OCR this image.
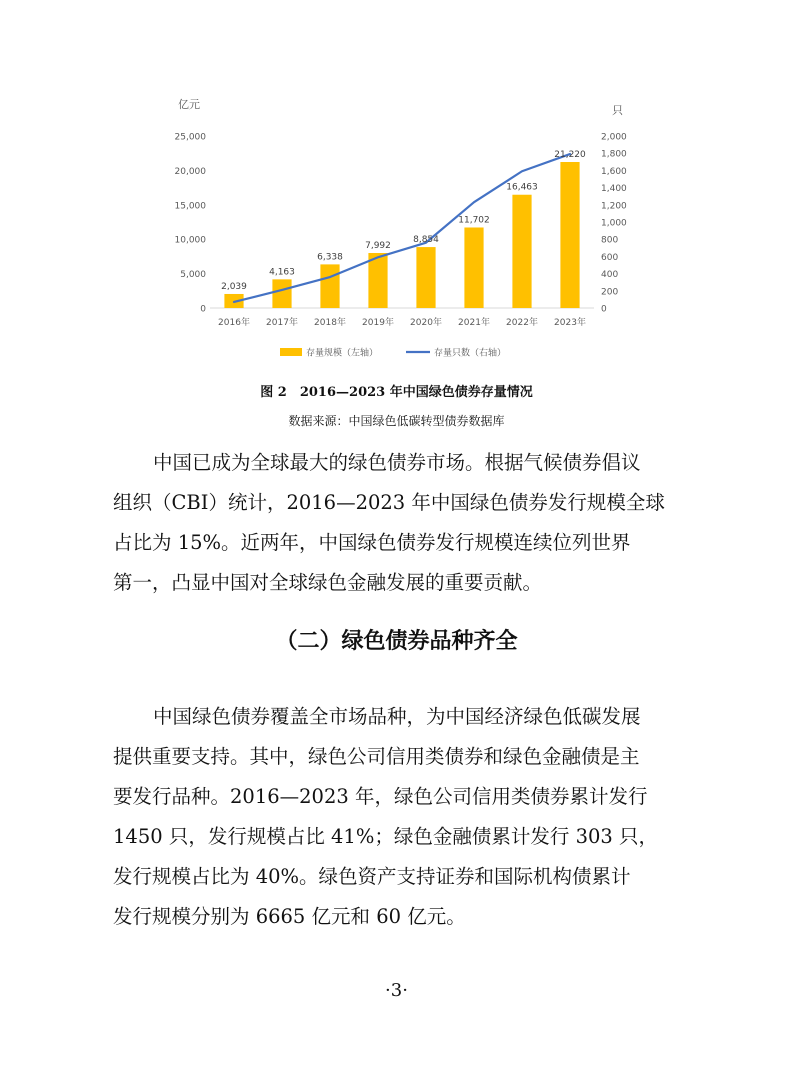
亿元	只
0
5,000
10,000
15,000
20,000
25,000
0
200
400
600
800
1,000
1,200
1,400
1,600
1,800
2,000
2,039
4,163
6,338
7,992
8,854
11,702
16,463
21,220
2016年 2017年 2018年 2019年 2020年 2021年 2022年 2023年
存量规模（左轴）	存量只数（右轴）
图 2　2016—2023 年中国绿色债券存量情况
数据来源：中国绿色低碳转型债券数据库

中国已成为全球最大的绿色债券市场。根据气候债券倡议
组织（CBI）统计，2016—2023 年中国绿色债券发行规模全球
占比为 15%。近两年，中国绿色债券发行规模连续位列世界
第一，凸显中国对全球绿色金融发展的重要贡献。

（二）绿色债券品种齐全

中国绿色债券覆盖全市场品种，为中国经济绿色低碳发展
提供重要支持。其中，绿色公司信用类债券和绿色金融债是主
要发行品种。2016—2023 年，绿色公司信用类债券累计发行
1450 只，发行规模占比 41%；绿色金融债累计发行 303 只，
发行规模占比为 40%。绿色资产支持证券和国际机构债累计
发行规模分别为 6665 亿元和 60 亿元。

·3·
